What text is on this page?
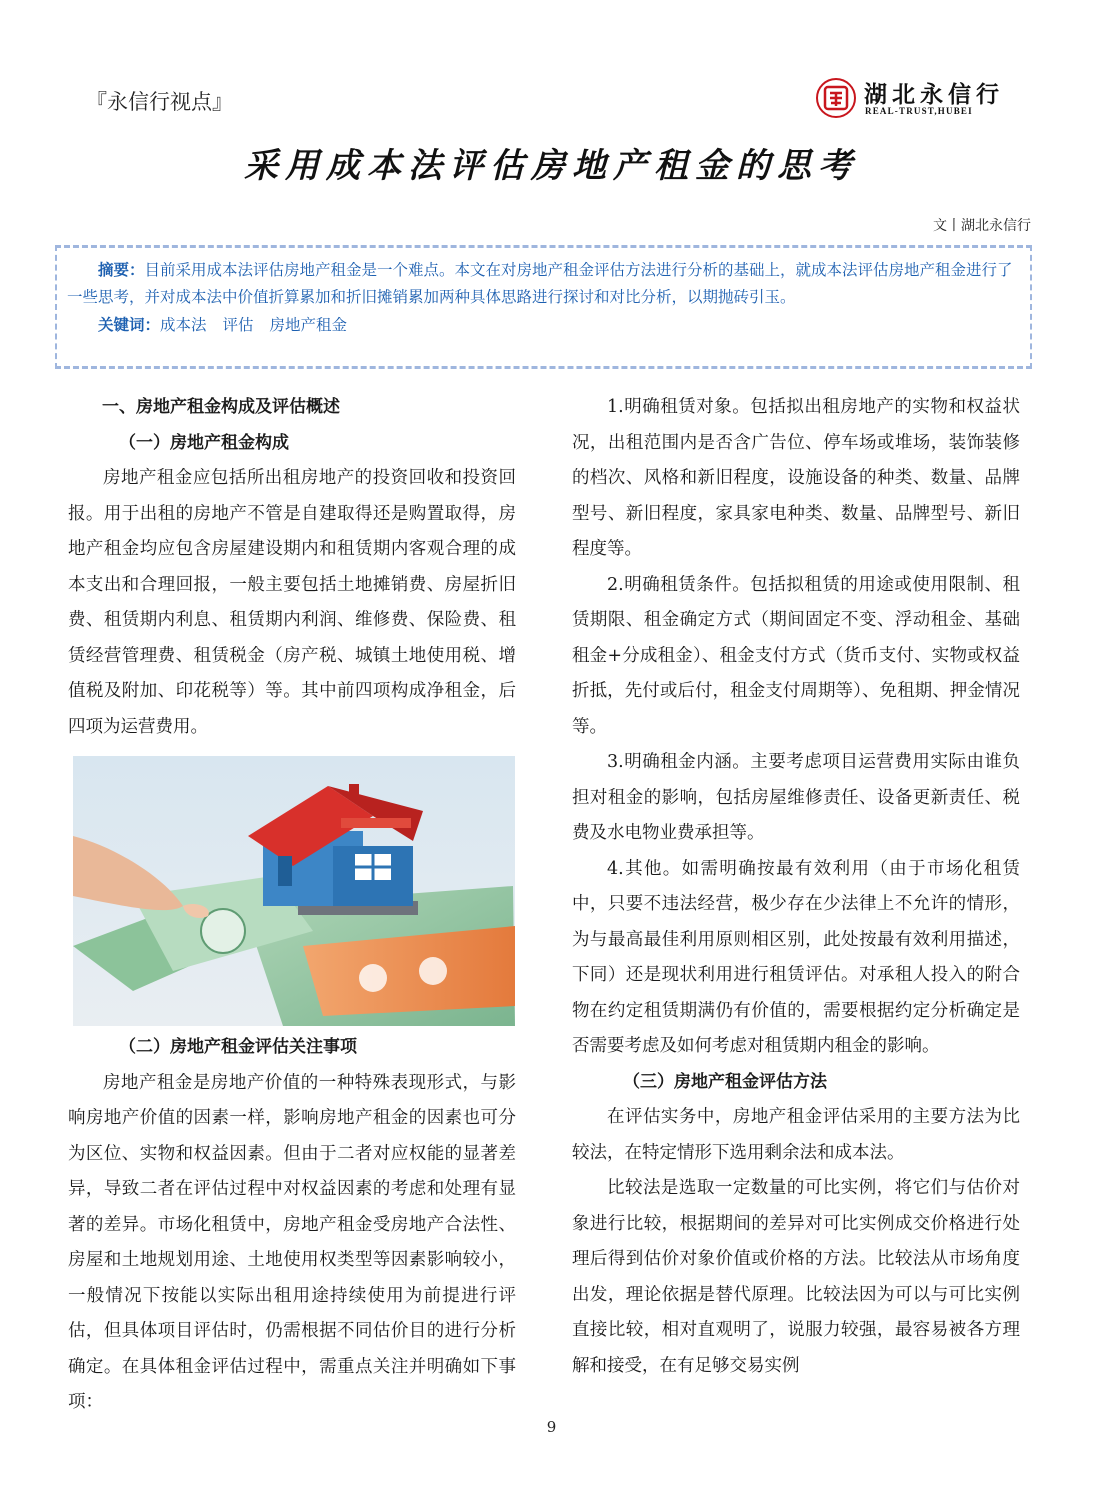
『永信行视点』	湖北永信行
REAL-TRUST,HUBEI
采用成本法评估房地产租金的思考
文丨湖北永信行

摘要：目前采用成本法评估房地产租金是一个难点。本文在对房地产租金评估方法进行分析的基础上，就成本法评估房地产租金进行了一些思考，并对成本法中价值折算累加和折旧摊销累加两种具体思路进行探讨和对比分析，以期抛砖引玉。

关键词：成本法 评估 房地产租金

一、房地产租金构成及评估概述
（一）房地产租金构成

房地产租金应包括所出租房地产的投资回收和投资回报。用于出租的房地产不管是自建取得还是购置取得，房地产租金均应包含房屋建设期内和租赁期内客观合理的成本支出和合理回报，一般主要包括土地摊销费、房屋折旧费、租赁期内利息、租赁期内利润、维修费、保险费、租赁经营管理费、租赁税金（房产税、城镇土地使用税、增值税及附加、印花税等）等。其中前四项构成净租金，后四项为运营费用。

（二）房地产租金评估关注事项

房地产租金是房地产价值的一种特殊表现形式，与影响房地产价值的因素一样，影响房地产租金的因素也可分为区位、实物和权益因素。但由于二者对应权能的显著差异，导致二者在评估过程中对权益因素的考虑和处理有显著的差异。市场化租赁中，房地产租金受房地产合法性、房屋和土地规划用途、土地使用权类型等因素影响较小，一般情况下按能以实际出租用途持续使用为前提进行评估，但具体项目评估时，仍需根据不同估价目的进行分析确定。在具体租金评估过程中，需重点关注并明确如下事项：

1.明确租赁对象。包括拟出租房地产的实物和权益状况，出租范围内是否含广告位、停车场或堆场，装饰装修的档次、风格和新旧程度，设施设备的种类、数量、品牌型号、新旧程度，家具家电种类、数量、品牌型号、新旧程度等。

2.明确租赁条件。包括拟租赁的用途或使用限制、租赁期限、租金确定方式（期间固定不变、浮动租金、基础租金+分成租金）、租金支付方式（货币支付、实物或权益折抵，先付或后付，租金支付周期等）、免租期、押金情况等。

3.明确租金内涵。主要考虑项目运营费用实际由谁负担对租金的影响，包括房屋维修责任、设备更新责任、税费及水电物业费承担等。

4.其他。如需明确按最有效利用（由于市场化租赁中，只要不违法经营，极少存在少法律上不允许的情形，为与最高最佳利用原则相区别，此处按最有效利用描述，下同）还是现状利用进行租赁评估。对承租人投入的附合物在约定租赁期满仍有价值的，需要根据约定分析确定是否需要考虑及如何考虑对租赁期内租金的影响。

（三）房地产租金评估方法

在评估实务中，房地产租金评估采用的主要方法为比较法，在特定情形下选用剩余法和成本法。

比较法是选取一定数量的可比实例，将它们与估价对象进行比较，根据期间的差异对可比实例成交价格进行处理后得到估价对象价值或价格的方法。比较法从市场角度出发，理论依据是替代原理。比较法因为可以与可比实例直接比较，相对直观明了，说服力较强，最容易被各方理解和接受，在有足够交易实例

9
